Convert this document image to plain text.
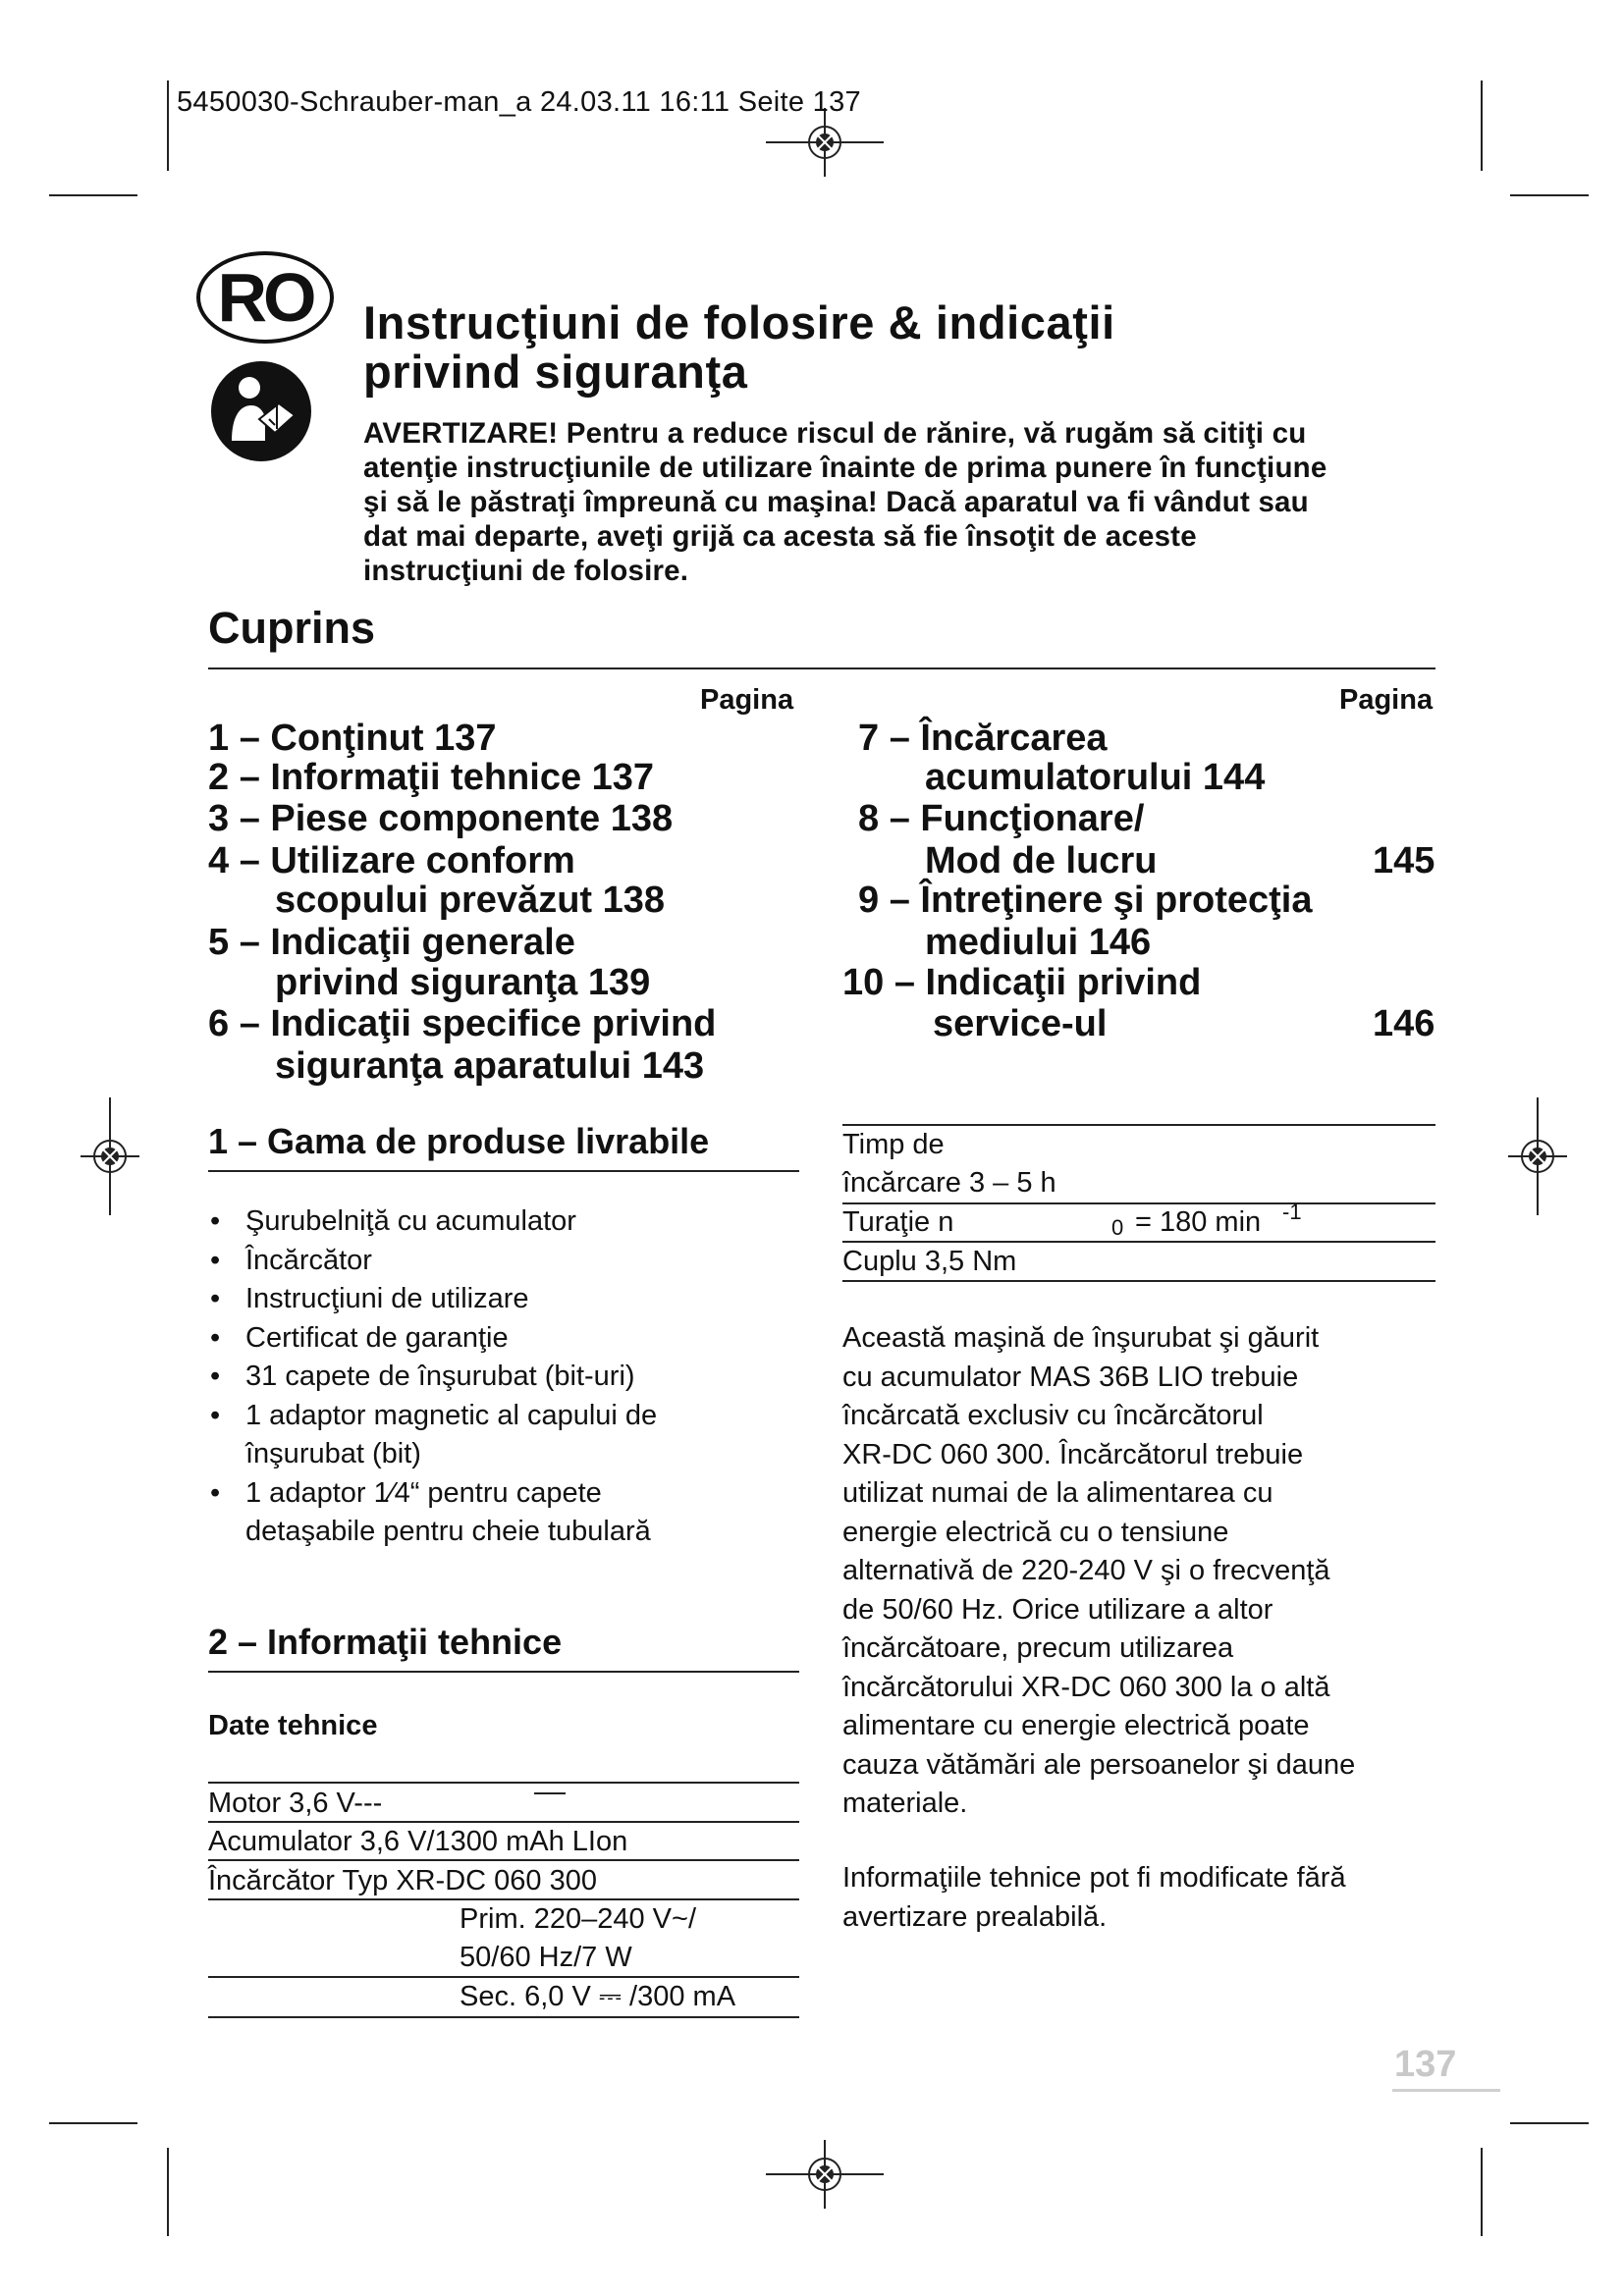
5450030-Schrauber-man_a 24.03.11 16:11 Seite 137
RO	Instrucţiuni de folosire & indicaţii
privind siguranţa
AVERTIZARE! Pentru a reduce riscul de rănire, vă rugăm să citiţi cu
atenţie instrucţiunile de utilizare înainte de prima punere în funcţiune
şi să le păstraţi împreună cu maşina! Dacă aparatul va fi vândut sau
dat mai departe, aveţi grijă ca acesta să fie însoţit de aceste
instrucţiuni de folosire.
Cuprins
Pagina	Pagina
1 – Conţinut 137
2 – Informaţii tehnice 137
3 – Piese componente 138
4 – Utilizare conform
scopului prevăzut 138
5 – Indicaţii generale
privind siguranţa 139
6 – Indicaţii specifice privind
siguranţa aparatului 143
7 – Încărcarea
acumulatorului 144
8 – Funcţionare/
Mod de lucru	145
9 – Întreţinere şi protecţia
mediului 146
10 – Indicaţii privind
service-ul	146
1 – Gama de produse livrabile
• Şurubelniţă cu acumulator
• Încărcător
• Instrucţiuni de utilizare
• Certificat de garanţie
• 31 capete de înşurubat (bit-uri)
• 1 adaptor magnetic al capului de
înşurubat (bit)
• 1 adaptor 1⁄4“ pentru capete
detaşabile pentru cheie tubulară
2 – Informaţii tehnice
Date tehnice
Motor 3,6 V---
Acumulator 3,6 V/1300 mAh LIon
Încărcător Typ XR-DC 060 300
Prim. 220–240 V~/
50/60 Hz/7 W
Sec. 6,0 V ⎓ /300 mA
Timp de
încărcare 3 – 5 h
Turaţie n	0 = 180 min -1
Cuplu 3,5 Nm
Această maşină de înşurubat şi găurit
cu acumulator MAS 36B LIO trebuie
încărcată exclusiv cu încărcătorul
XR-DC 060 300. Încărcătorul trebuie
utilizat numai de la alimentarea cu
energie electrică cu o tensiune
alternativă de 220-240 V şi o frecvenţă
de 50/60 Hz. Orice utilizare a altor
încărcătoare, precum utilizarea
încărcătorului XR-DC 060 300 la o altă
alimentare cu energie electrică poate
cauza vătămări ale persoanelor şi daune
materiale.
Informaţiile tehnice pot fi modificate fără
avertizare prealabilă.
137
